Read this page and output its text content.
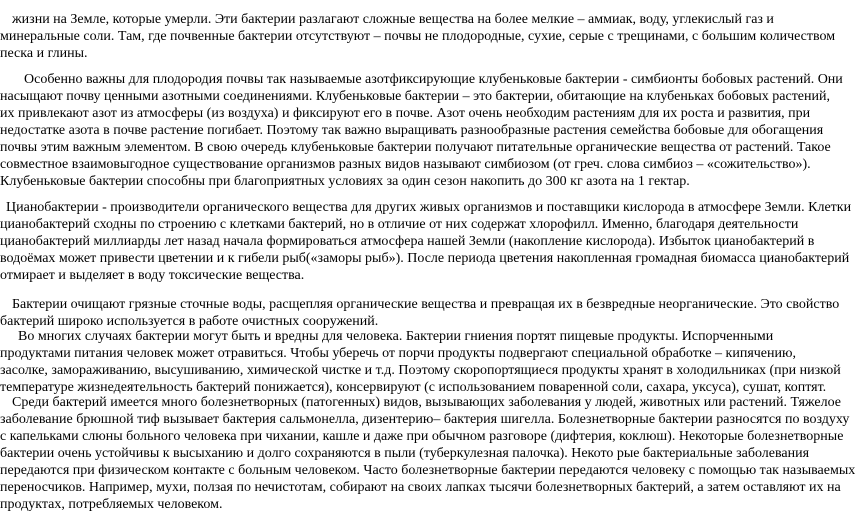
жизни на Земле, которые умерли. Эти бактерии разлагают сложные вещества на более мелкие – аммиак, воду, углекислый газ и
минеральные соли. Там, где почвенные бактерии отсутствуют – почвы не плодородные, сухие, серые с трещинами, с большим количеством
песка и глины.
Особенно важны для плодородия почвы так называемые азотфиксирующие клубеньковые бактерии - симбионты бобовых растений. Они
насыщают почву ценными азотными соединениями. Клубеньковые бактерии – это бактерии, обитающие на клубеньках бобовых растений,
их привлекают азот из атмосферы (из воздуха) и фиксируют его в почве. Азот очень необходим растениям для их роста и развития, при
недостатке азота в почве растение погибает. Поэтому так важно выращивать разнообразные растения семейства бобовые для обогащения
почвы этим важным элементом. В свою очередь клубеньковые бактерии получают питательные органические вещества от растений. Такое
совместное взаимовыгодное существование организмов разных видов называют симбиозом (от греч. слова симбиоз – «сожительство»).
Клубеньковые бактерии способны при благоприятных условиях за один сезон накопить до 300 кг азота на 1 гектар.
Цианобактерии - производители органического вещества для других живых организмов и поставщики кислорода в атмосфере Земли. Клетки
цианобактерий сходны по строению с клетками бактерий, но в отличие от них содержат хлорофилл. Именно, благодаря деятельности
цианобактерий миллиарды лет назад начала формироваться атмосфера нашей Земли (накопление кислорода). Избыток цианобактерий в
водоёмах может привести цветении и к гибели рыб(«заморы рыб»). После периода цветения накопленная громадная биомасса цианобактерий
отмирает и выделяет в воду токсические вещества.
Бактерии очищают грязные сточные воды, расщепляя органические вещества и превращая их в безвредные неорганические. Это свойство
бактерий широко используется в работе очистных сооружений.
Во многих случаях бактерии могут быть и вредны для человека. Бактерии гниения портят пищевые продукты. Испорченными
продуктами питания человек может отравиться. Чтобы уберечь от порчи продукты подвергают специальной обработке – кипячению,
засолке, замораживанию, высушиванию, химической чистке и т.д. Поэтому скоропортящиеся продукты хранят в холодильниках (при низкой
температуре жизнедеятельность бактерий понижается), консервируют (с использованием поваренной соли, сахара, уксуса), сушат, коптят.
Среди бактерий имеется много болезнетворных (патогенных) видов, вызывающих заболевания у людей, животных или растений. Тяжелое
заболевание брюшной тиф вызывает бактерия сальмонелла, дизентерию– бактерия шигелла. Болезнетворные бактерии разносятся по воздуху
с капельками слюны больного человека при чихании, кашле и даже при обычном разговоре (дифтерия, коклюш). Некоторые болезнетворные
бактерии очень устойчивы к высыханию и долго сохраняются в пыли (туберкулезная палочка). Некото рые бактериальные заболевания
передаются при физическом контакте с больным человеком. Часто болезнетворные бактерии передаются человеку с помощью так называемых
переносчиков. Например, мухи, ползая по нечистотам, собирают на своих лапках тысячи болезнетворных бактерий, а затем оставляют их на
продуктах, потребляемых человеком.
